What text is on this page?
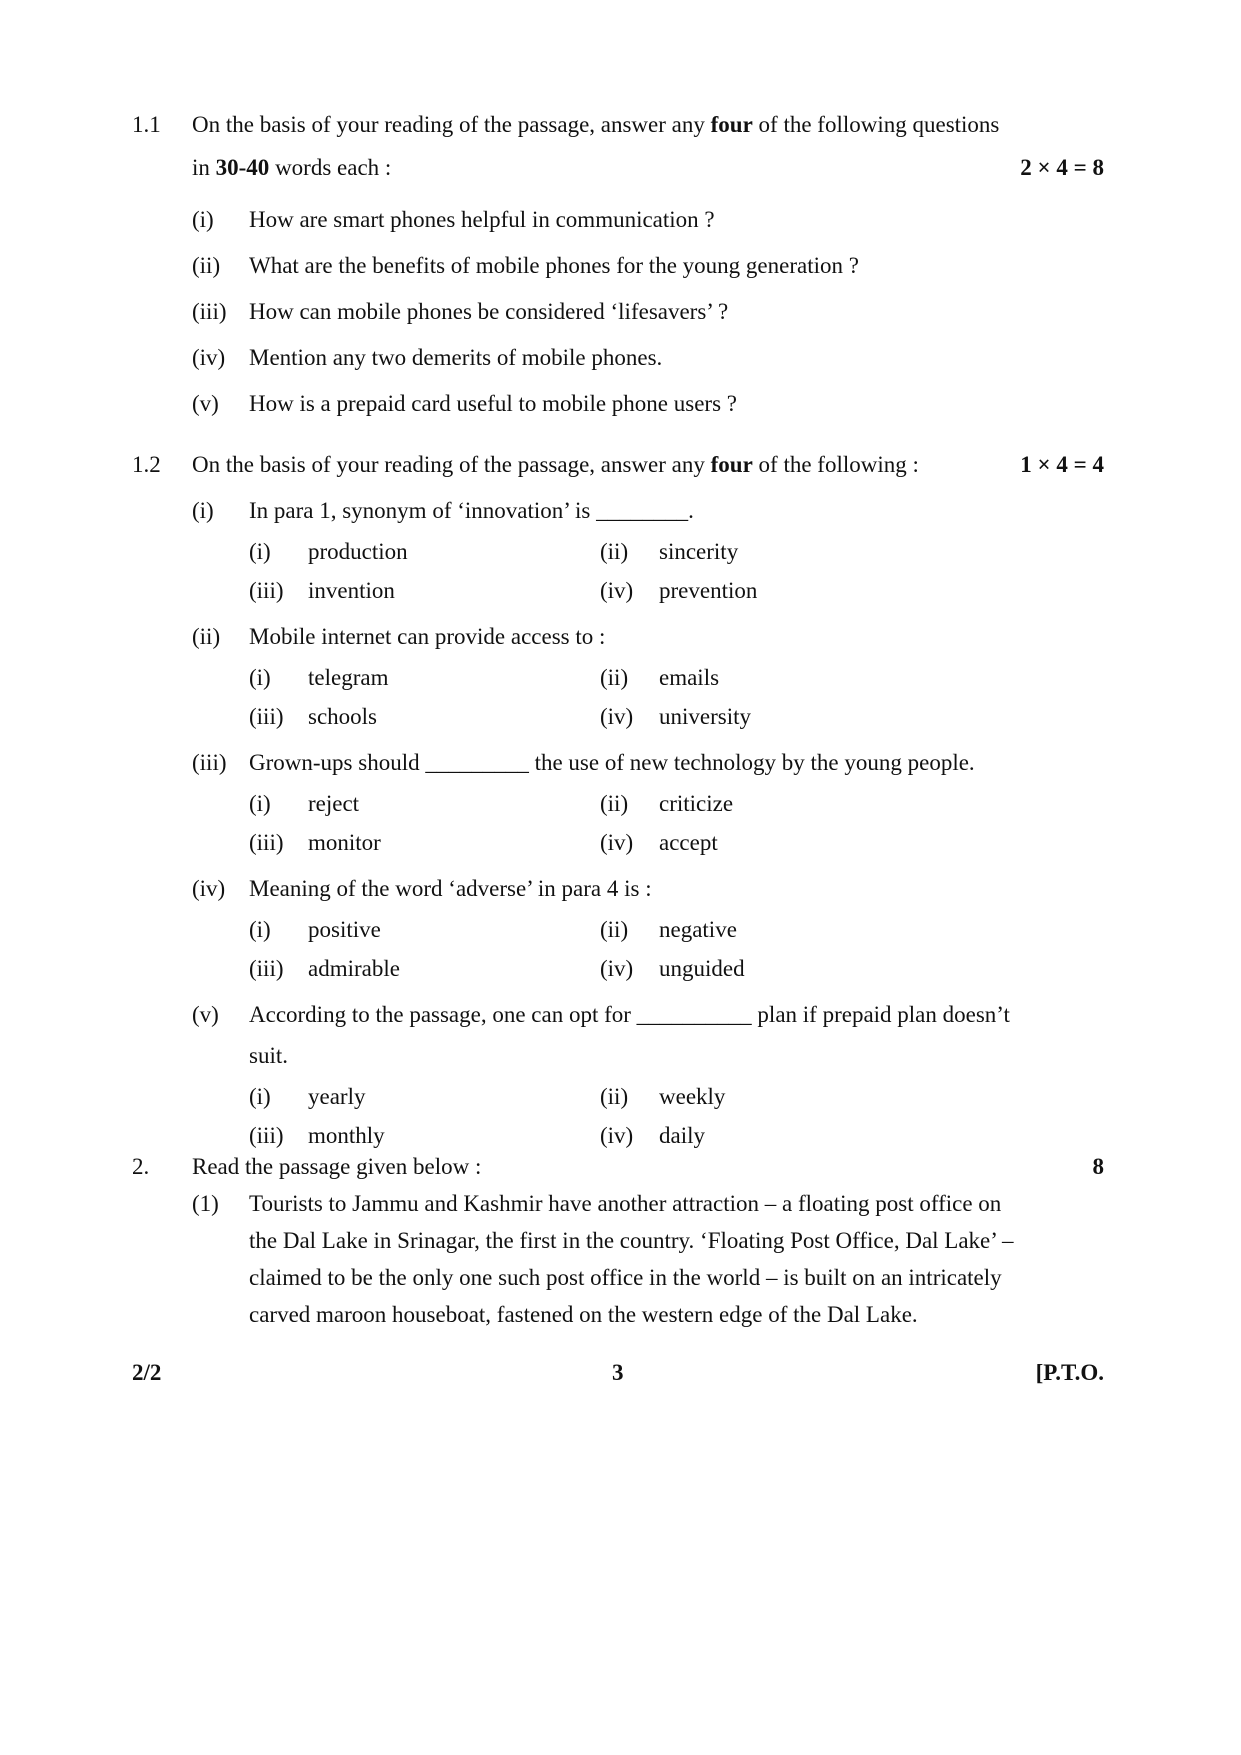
1.1 On the basis of your reading of the passage, answer any four of the following questions
in 30-40 words each :	2 × 4 = 8
(i) How are smart phones helpful in communication ?
(ii) What are the benefits of mobile phones for the young generation ?
(iii) How can mobile phones be considered ‘lifesavers’ ?
(iv) Mention any two demerits of mobile phones.
(v) How is a prepaid card useful to mobile phone users ?
1.2 On the basis of your reading of the passage, answer any four of the following :	1 × 4 = 4
(i) In para 1, synonym of ‘innovation’ is ________.
(i) production	(ii) sincerity
(iii) invention	(iv) prevention
(ii) Mobile internet can provide access to :
(i) telegram	(ii) emails
(iii) schools	(iv) university
(iii) Grown-ups should _________ the use of new technology by the young people.
(i) reject	(ii) criticize
(iii) monitor	(iv) accept
(iv) Meaning of the word ‘adverse’ in para 4 is :
(i) positive	(ii) negative
(iii) admirable	(iv) unguided
(v) According to the passage, one can opt for __________ plan if prepaid plan doesn’t
suit.
(i) yearly	(ii) weekly
(iii) monthly	(iv) daily
2. Read the passage given below :	8
(1) Tourists to Jammu and Kashmir have another attraction – a floating post office on
the Dal Lake in Srinagar, the first in the country. ‘Floating Post Office, Dal Lake’ –
claimed to be the only one such post office in the world – is built on an intricately
carved maroon houseboat, fastened on the western edge of the Dal Lake.
2/2	3	[P.T.O.
